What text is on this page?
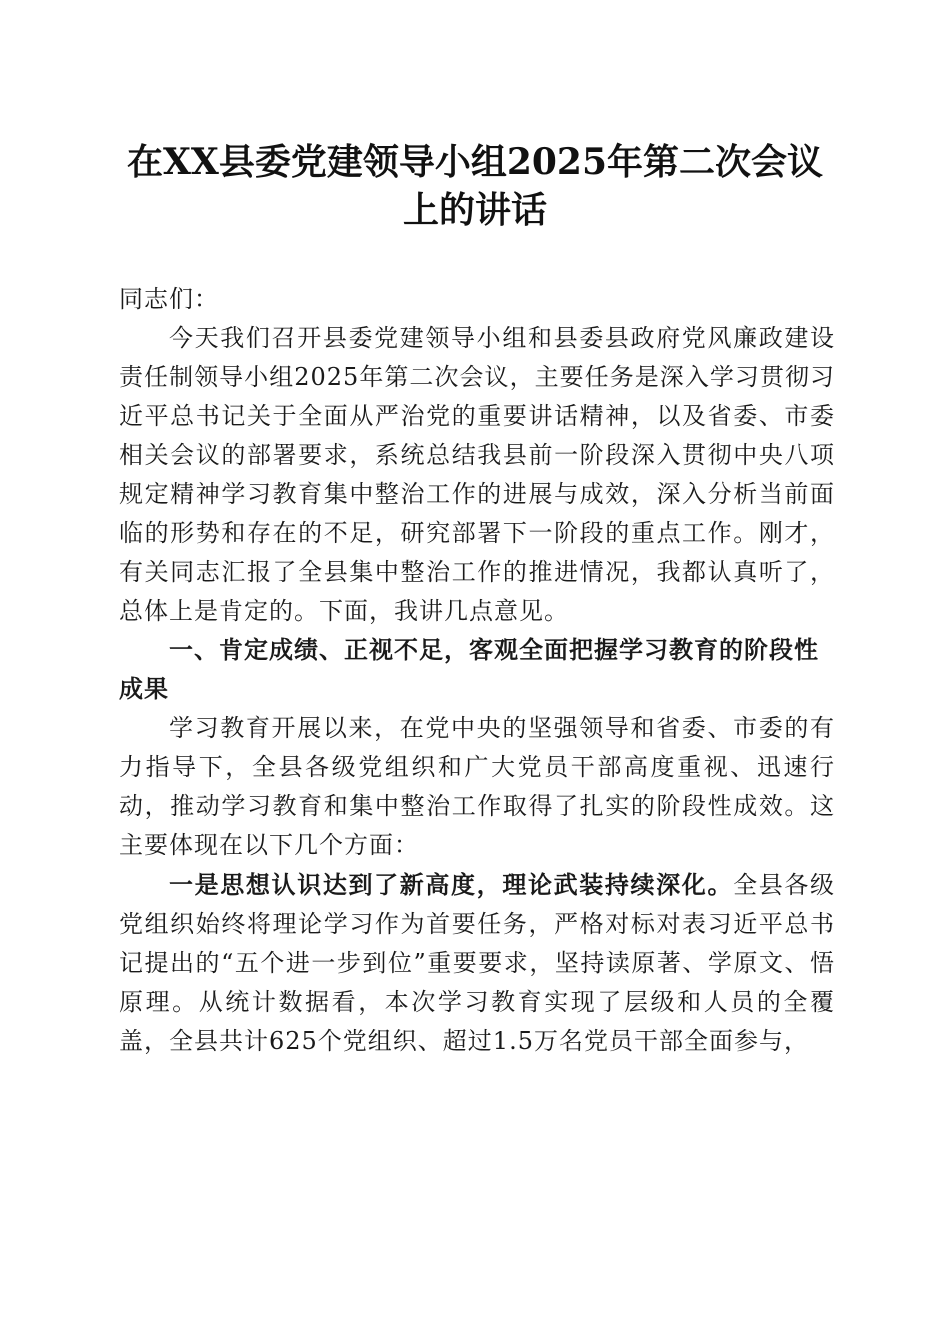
在XX县委党建领导小组2025年第二次会议
上的讲话

同志们：

今天我们召开县委党建领导小组和县委县政府党风廉政建设责任制领导小组2025年第二次会议，主要任务是深入学习贯彻习近平总书记关于全面从严治党的重要讲话精神，以及省委、市委相关会议的部署要求，系统总结我县前一阶段深入贯彻中央八项规定精神学习教育集中整治工作的进展与成效，深入分析当前面临的形势和存在的不足，研究部署下一阶段的重点工作。刚才，有关同志汇报了全县集中整治工作的推进情况，我都认真听了，总体上是肯定的。下面，我讲几点意见。

一、肯定成绩、正视不足，客观全面把握学习教育的阶段性成果

学习教育开展以来，在党中央的坚强领导和省委、市委的有力指导下，全县各级党组织和广大党员干部高度重视、迅速行动，推动学习教育和集中整治工作取得了扎实的阶段性成效。这主要体现在以下几个方面：

一是思想认识达到了新高度，理论武装持续深化。全县各级党组织始终将理论学习作为首要任务，严格对标对表习近平总书记提出的“五个进一步到位”重要要求，坚持读原著、学原文、悟原理。从统计数据看，本次学习教育实现了层级和人员的全覆盖，全县共计625个党组织、超过1.5万名党员干部全面参与，
